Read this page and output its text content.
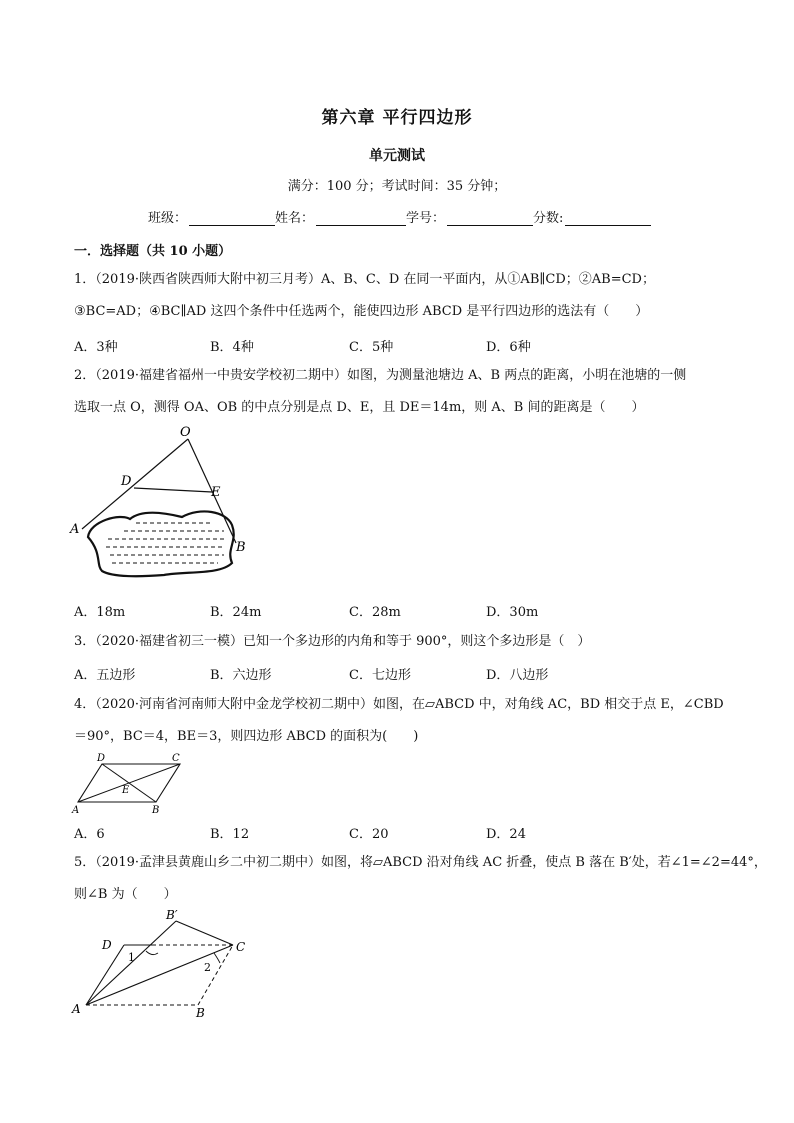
第六章 平行四边形
单元测试
满分：100 分；考试时间：35 分钟；
班级：	姓名：	学号：	分数:
一．选择题（共 10 小题）
1．（2019·陕西省陕西师大附中初三月考）A、B、C、D 在同一平面内，从①AB∥CD；②AB=CD；
③BC=AD；④BC∥AD 这四个条件中任选两个，能使四边形 ABCD 是平行四边形的选法有（　　）
A．3种	B．4种	C．5种	D．6种
2．（2019·福建省福州一中贵安学校初二期中）如图，为测量池塘边 A、B 两点的距离，小明在池塘的一侧
选取一点 O，测得 OA、OB 的中点分别是点 D、E，且 DE＝14m，则 A、B 间的距离是（　　）
O
D
E
A
B
A．18m	B．24m	C．28m	D．30m
3．（2020·福建省初三一模）已知一个多边形的内角和等于 900°，则这个多边形是（　）
A．五边形	B．六边形	C．七边形	D．八边形
4．（2020·河南省河南师大附中金龙学校初二期中）如图，在▱ABCD 中，对角线 AC，BD 相交于点 E，∠CBD
＝90°，BC＝4，BE＝3，则四边形 ABCD 的面积为(　　)
D	C
E
A	B
A．6	B．12	C．20	D．24
5．（2019·孟津县黄鹿山乡二中初二期中）如图，将▱ABCD 沿对角线 AC 折叠，使点 B 落在 B′处，若∠1=∠2=44°，
则∠B 为（　　）
B′
D	C
A	B
1
2
